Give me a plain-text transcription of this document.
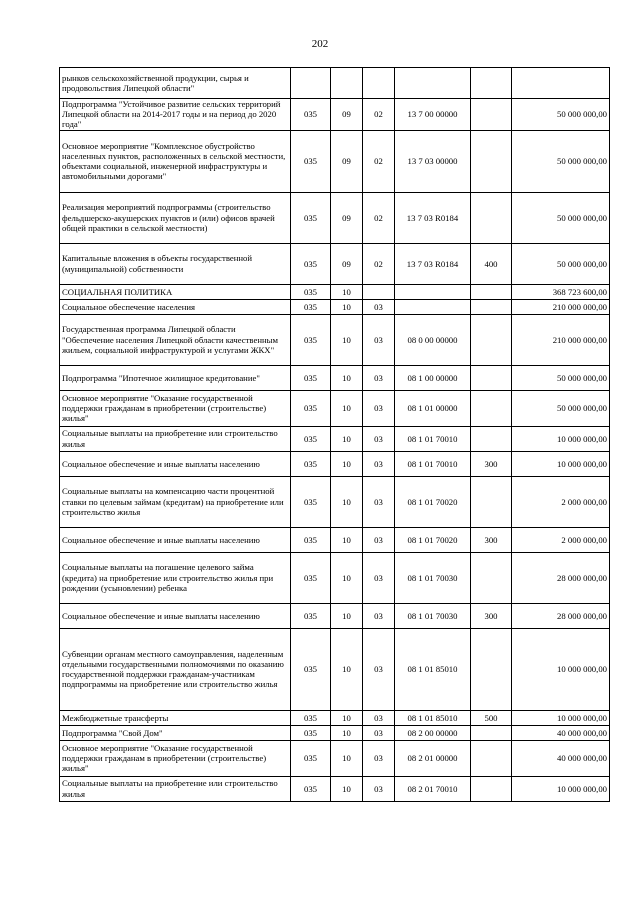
202
рынков сельскохозяйственной продукции, сырья и продовольствия Липецкой области"						
Подпрограмма "Устойчивое развитие сельских территорий Липецкой области на 2014-2017 годы и на период до 2020 года"	035	09	02	13 7 00 00000		50 000 000,00
Основное мероприятие "Комплексное обустройство населенных пунктов, расположенных в сельской местности, объектами социальной, инженерной инфраструктуры и автомобильными дорогами"	035	09	02	13 7 03 00000		50 000 000,00
Реализация мероприятий подпрограммы (строительство фельдшерско-акушерских пунктов и (или) офисов врачей общей практики в сельской местности)	035	09	02	13 7 03 R0184		50 000 000,00
Капитальные вложения в объекты государственной (муниципальной) собственности	035	09	02	13 7 03 R0184	400	50 000 000,00
СОЦИАЛЬНАЯ ПОЛИТИКА	035	10				368 723 600,00
Социальное обеспечение населения	035	10	03			210 000 000,00
Государственная программа Липецкой области "Обеспечение населения Липецкой области качественным жильем, социальной инфраструктурой и услугами ЖКХ"	035	10	03	08 0 00 00000		210 000 000,00
Подпрограмма "Ипотечное жилищное кредитование"	035	10	03	08 1 00 00000		50 000 000,00
Основное мероприятие "Оказание государственной поддержки гражданам в приобретении (строительстве) жилья"	035	10	03	08 1 01 00000		50 000 000,00
Социальные выплаты на приобретение или строительство жилья	035	10	03	08 1 01 70010		10 000 000,00
Социальное обеспечение и иные выплаты населению	035	10	03	08 1 01 70010	300	10 000 000,00
Социальные выплаты на компенсацию части процентной ставки по целевым займам (кредитам) на приобретение или строительство жилья	035	10	03	08 1 01 70020		2 000 000,00
Социальное обеспечение и иные выплаты населению	035	10	03	08 1 01 70020	300	2 000 000,00
Социальные выплаты на погашение целевого займа (кредита) на приобретение или строительство жилья при рождении (усыновлении) ребенка	035	10	03	08 1 01 70030		28 000 000,00
Социальное обеспечение и иные выплаты населению	035	10	03	08 1 01 70030	300	28 000 000,00
Субвенции органам местного самоуправления, наделенным отдельными государственными полномочиями по оказанию государственной поддержки гражданам-участникам подпрограммы на приобретение или строительство жилья	035	10	03	08 1 01 85010		10 000 000,00
Межбюджетные трансферты	035	10	03	08 1 01 85010	500	10 000 000,00
Подпрограмма "Свой Дом"	035	10	03	08 2 00 00000		40 000 000,00
Основное мероприятие "Оказание государственной поддержки гражданам в приобретении (строительстве) жилья"	035	10	03	08 2 01 00000		40 000 000,00
Социальные выплаты на приобретение или строительство жилья	035	10	03	08 2 01 70010		10 000 000,00
